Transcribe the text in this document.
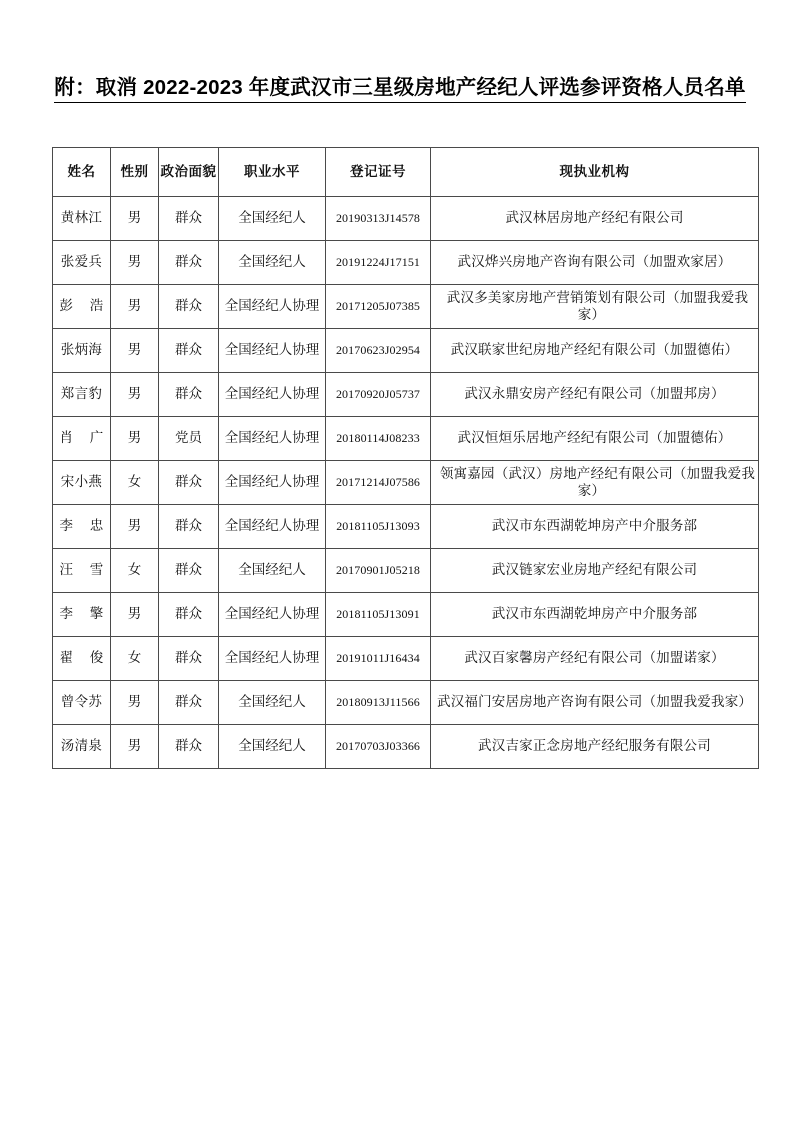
附：取消 2022-2023 年度武汉市三星级房地产经纪人评选参评资格人员名单
姓名	性别	政治面貌	职业水平	登记证号	现执业机构
黄林江	男	群众	全国经纪人	20190313J14578	武汉林居房地产经纪有限公司
张爱兵	男	群众	全国经纪人	20191224J17151	武汉烨兴房地产咨询有限公司（加盟欢家居）
彭浩	男	群众	全国经纪人协理	20171205J07385	武汉多美家房地产营销策划有限公司（加盟我爱我家）
张炳海	男	群众	全国经纪人协理	20170623J02954	武汉联家世纪房地产经纪有限公司（加盟德佑）
郑言豹	男	群众	全国经纪人协理	20170920J05737	武汉永鼎安房产经纪有限公司（加盟邦房）
肖广	男	党员	全国经纪人协理	20180114J08233	武汉恒烜乐居地产经纪有限公司（加盟德佑）
宋小燕	女	群众	全国经纪人协理	20171214J07586	领寓嘉园（武汉）房地产经纪有限公司（加盟我爱我家）
李忠	男	群众	全国经纪人协理	20181105J13093	武汉市东西湖乾坤房产中介服务部
汪雪	女	群众	全国经纪人	20170901J05218	武汉链家宏业房地产经纪有限公司
李擎	男	群众	全国经纪人协理	20181105J13091	武汉市东西湖乾坤房产中介服务部
翟俊	女	群众	全国经纪人协理	20191011J16434	武汉百家馨房产经纪有限公司（加盟诺家）
曾令苏	男	群众	全国经纪人	20180913J11566	武汉福门安居房地产咨询有限公司（加盟我爱我家）
汤清泉	男	群众	全国经纪人	20170703J03366	武汉吉家正念房地产经纪服务有限公司
